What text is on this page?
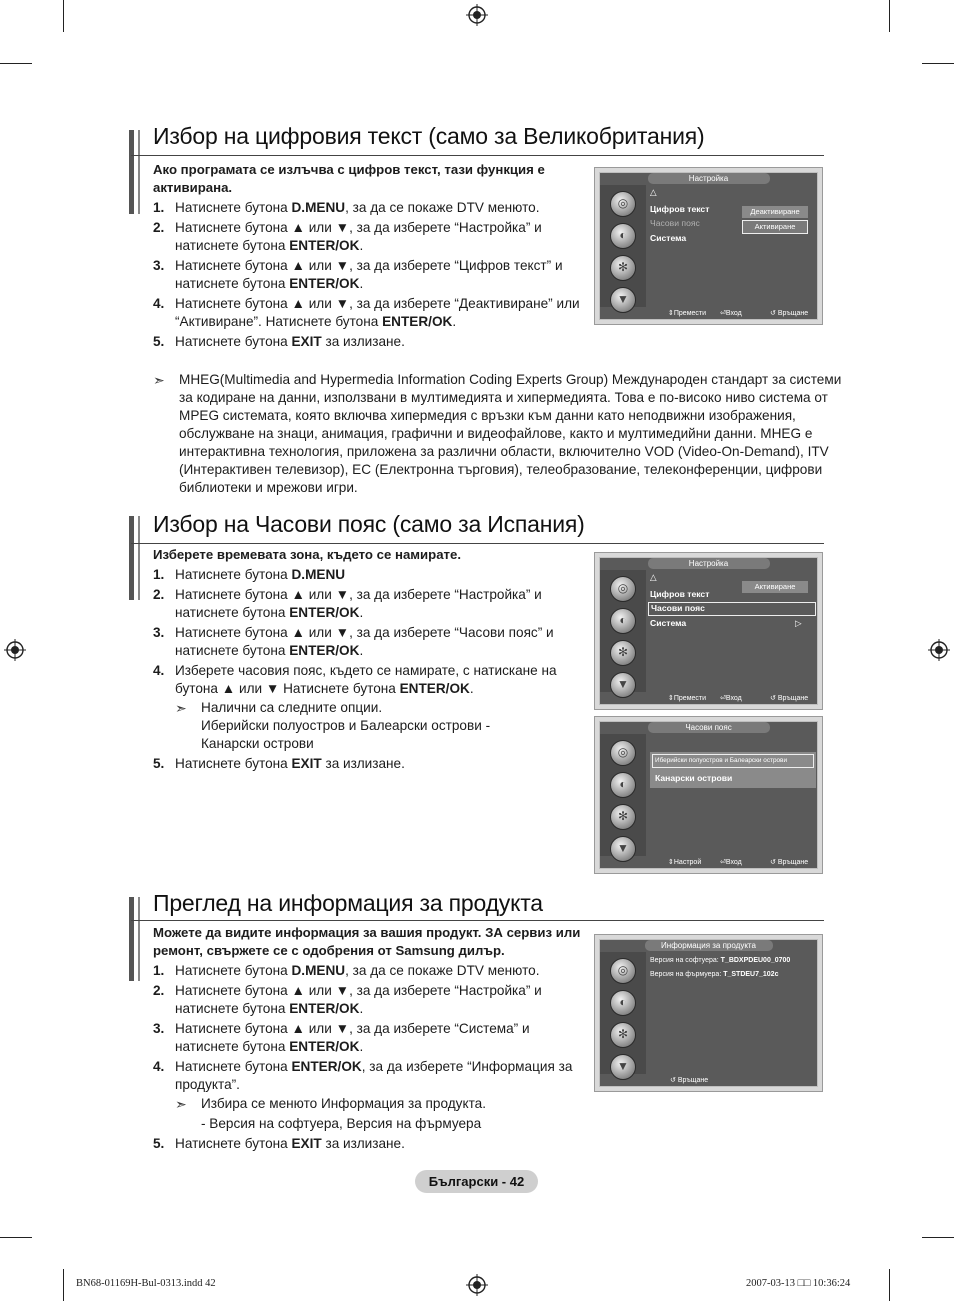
Избор на цифровия текст (само за Великобритания)
Ако програмата се излъчва с цифров текст, тази функция е активирана.
1. Натиснете бутона D.MENU, за да се покаже DTV менюто.
2. Натиснете бутона ▲ или ▼, за да изберете “Настройка” и натиснете бутона ENTER/OK.
3. Натиснете бутона ▲ или ▼, за да изберете “Цифров текст” и натиснете бутона ENTER/OK.
4. Натиснете бутона ▲ или ▼, за да изберете “Деактивиране” или “Активиране”. Натиснете бутона ENTER/OK.
5. Натиснете бутона EXIT за излизане.
➣ MHEG(Multimedia and Hypermedia Information Coding Experts Group) Международен стандарт за системи за кодиране на данни, използвани в мултимедията и хипермедията. Това е по-високо ниво система от MPEG системата, която включва хипермедия с връзки към данни като неподвижни изображения, обслужване на знаци, анимация, графични и видеофайлове, както и мултимедийни данни. MHEG е интерактивна технология, приложена за различни области, включително VOD (Video-On-Demand), ITV (Интерактивен телевизор), EC (Електронна търговия), телеобразование, телеконференции, цифрови библиотеки и мрежови игри.
Настройка
◎
◐
✻
▼
△
Цифров текст
Часови пояс
Система
Деактивиране
Активиране
⇕Премести ⏎Вход	↺ Връщане
Избор на Часови пояс (само за Испания)
Изберете времевата зона, където се намирате.
1. Натиснете бутона D.MENU
2. Натиснете бутона ▲ или ▼, за да изберете “Настройка” и натиснете бутона ENTER/OK.
3. Натиснете бутона ▲ или ▼, за да изберете “Часови пояс” и натиснете бутона ENTER/OK.
4. Изберете часовия пояс, където се намирате, с натискане на бутона ▲ или ▼ Натиснете бутона ENTER/OK.
➣ Налични са следните опции.
Иберийски полуостров и Балеарски острови -
Канарски острови
5. Натиснете бутона EXIT за излизане.
Настройка
◎
◐
✻
▼
△
Цифров текст
Часови пояс
Система	▷
Активиране
⇕Премести ⏎Вход	↺ Връщане
Часови пояс
◎
◐
✻
▼
Иберийски полуостров и Балеарски острови
Канарски острови
⇕Настрой	⏎Вход	↺ Връщане
Преглед на информация за продукта
Можете да видите информация за вашия продукт. ЗА сервиз или ремонт, свържете се с одобрения от Samsung дилър.
1. Натиснете бутона D.MENU, за да се покаже DTV менюто.
2. Натиснете бутона ▲ или ▼, за да изберете “Настройка” и натиснете бутона ENTER/OK.
3. Натиснете бутона ▲ или ▼, за да изберете “Система” и натиснете бутона ENTER/OK.
4. Натиснете бутона ENTER/OK, за да изберете “Информация за продукта”.
➣ Избира се менюто Информация за продукта.
- Версия на софтуера, Версия на фърмуера
5. Натиснете бутона EXIT за излизане.
Информация за продукта
◎
◐
✻
▼
Версия на софтуера: T_BDXPDEU00_0700
Версия на фърмуера: T_STDEU7_102c
↺ Връщане
Български - 42
BN68-01169H-Bul-0313.indd 42	2007-03-13 □□ 10:36:24
